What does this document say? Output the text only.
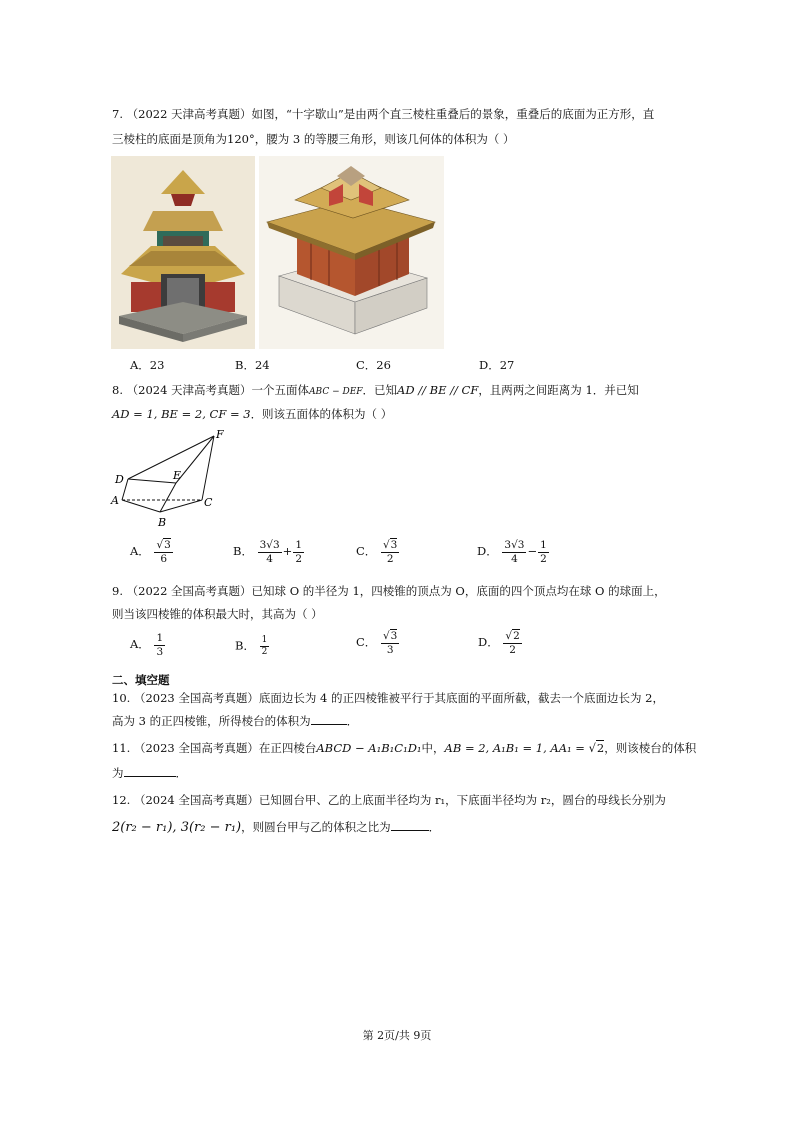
7. （2022 天津高考真题）如图，“十字歇山”是由两个直三棱柱重叠后的景象，重叠后的底面为正方形，直
三棱柱的底面是顶角为120°，腰为 3 的等腰三角形，则该几何体的体积为（ ）
A．23	B．24	C．26	D．27
8. （2024 天津高考真题）一个五面体ABC − DEF．已知AD // BE // CF，且两两之间距离为 1．并已知
AD = 1, BE = 2, CF = 3．则该五面体的体积为（ ）
F
D	E
A	C
B
A． $\frac{√3}{6}$	B． $\frac{3√3}{4} + \frac{1}{2}$	C． $\frac{√3}{2}$	D． $\frac{3√3}{4} - \frac{1}{2}$
9. （2022 全国高考真题）已知球 O 的半径为 1，四棱锥的顶点为 O，底面的四个顶点均在球 O 的球面上，
则当该四棱锥的体积最大时，其高为（ ）
A． $\frac{1}{3}$	B． $\frac{1}{2}$	C． $\frac{√3}{3}$	D． $\frac{√2}{2}$
二、填空题
10. （2023 全国高考真题）底面边长为 4 的正四棱锥被平行于其底面的平面所截，截去一个底面边长为 2，
高为 3 的正四棱锥，所得棱台的体积为	．
11. （2023 全国高考真题）在正四棱台ABCD − A₁B₁C₁D₁中，AB = 2, A₁B₁ = 1, AA₁ = √2，则该棱台的体积
为	．
12. （2024 全国高考真题）已知圆台甲、乙的上底面半径均为 r₁，下底面半径均为 r₂，圆台的母线长分别为
2(r₂ − r₁), 3(r₂ − r₁)，则圆台甲与乙的体积之比为	．
第 2页/共 9页
